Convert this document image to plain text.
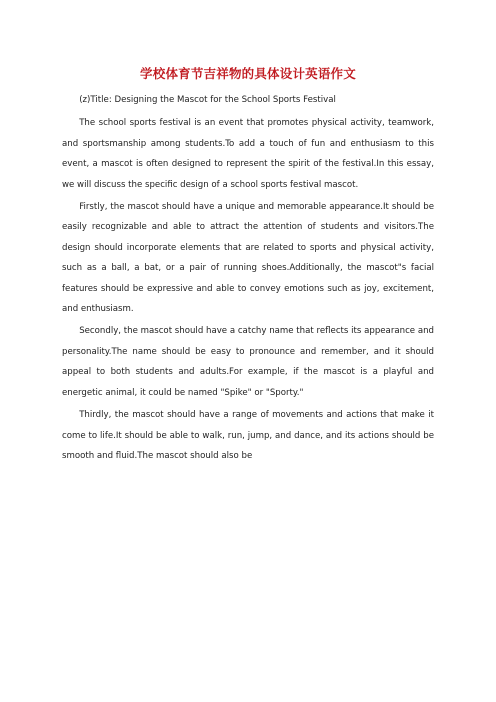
学校体育节吉祥物的具体设计英语作文

(z)Title: Designing the Mascot for the School Sports Festival

The school sports festival is an event that promotes physical activity, teamwork, and sportsmanship among students.To add a touch of fun and enthusiasm to this event, a mascot is often designed to represent the spirit of the festival.In this essay, we will discuss the specific design of a school sports festival mascot.

Firstly, the mascot should have a unique and memorable appearance.It should be easily recognizable and able to attract the attention of students and visitors.The design should incorporate elements that are related to sports and physical activity, such as a ball, a bat, or a pair of running shoes.Additionally, the mascot"s facial features should be expressive and able to convey emotions such as joy, excitement, and enthusiasm.

Secondly, the mascot should have a catchy name that reflects its appearance and personality.The name should be easy to pronounce and remember, and it should appeal to both students and adults.For example, if the mascot is a playful and energetic animal, it could be named "Spike" or "Sporty."

Thirdly, the mascot should have a range of movements and actions that make it come to life.It should be able to walk, run, jump, and dance, and its actions should be smooth and fluid.The mascot should also be
